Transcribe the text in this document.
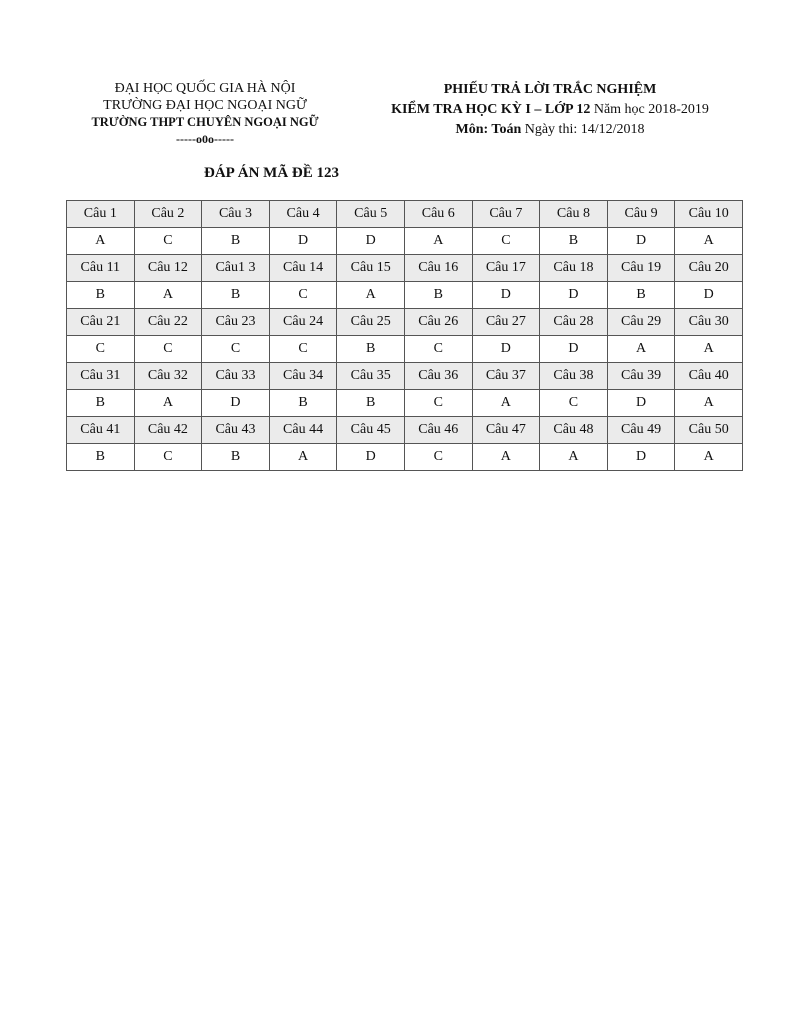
ĐẠI HỌC QUỐC GIA HÀ NỘI
TRƯỜNG ĐẠI HỌC NGOẠI NGỮ
TRƯỜNG THPT CHUYÊN NGOẠI NGỮ
-----o0o-----
PHIẾU TRẢ LỜI TRẮC NGHIỆM
KIỂM TRA HỌC KỲ I – LỚP 12 Năm học 2018-2019
Môn: Toán Ngày thi: 14/12/2018
ĐÁP ÁN MÃ ĐỀ 123
Câu 1	Câu 2	Câu 3	Câu 4	Câu 5	Câu 6	Câu 7	Câu 8	Câu 9	Câu 10
A	C	B	D	D	A	C	B	D	A
Câu 11	Câu 12	Câu1 3	Câu 14	Câu 15	Câu 16	Câu 17	Câu 18	Câu 19	Câu 20
B	A	B	C	A	B	D	D	B	D
Câu 21	Câu 22	Câu 23	Câu 24	Câu 25	Câu 26	Câu 27	Câu 28	Câu 29	Câu 30
C	C	C	C	B	C	D	D	A	A
Câu 31	Câu 32	Câu 33	Câu 34	Câu 35	Câu 36	Câu 37	Câu 38	Câu 39	Câu 40
B	A	D	B	B	C	A	C	D	A
Câu 41	Câu 42	Câu 43	Câu 44	Câu 45	Câu 46	Câu 47	Câu 48	Câu 49	Câu 50
B	C	B	A	D	C	A	A	D	A
